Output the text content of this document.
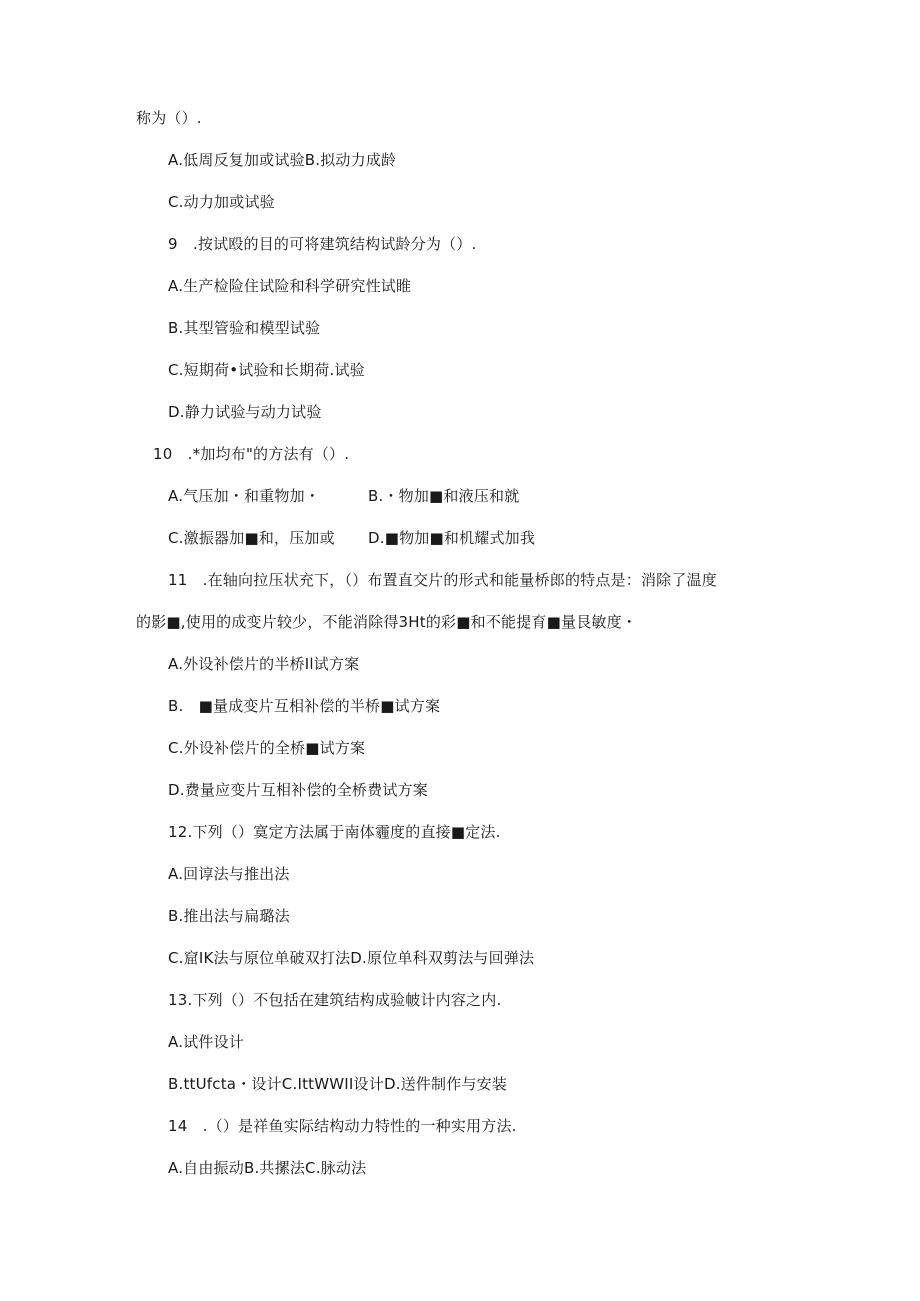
称为（）.
A.低周反复加或试验B.拟动力成龄
C.动力加或试验
9　.按试殴的目的可将建筑结构试龄分为（）.
A.生产检险住试险和科学研究性试睢
B.其型管验和模型试验
C.短期荷•试验和长期荷.试验
D.静力试验与动力试验
10　.*加均布"的方法有（）.
A.气压加・和重物加・	B.・物加■和液压和就
C.激振器加■和，压加或 D.■物加■和机耀式加我
11　.在轴向拉压状充下，（）布置直交片的形式和能量桥郎的特点是：消除了温度
的影■,使用的成变片较少，不能消除得3Ht的彩■和不能提育■量艮敏度・
A.外设补偿片的半桥Il试方案
B.　■量成变片互相补偿的半桥■试方案
C.外设补偿片的全桥■试方案
D.费量应变片互相补偿的全桥费试方案
12.下列（）寞定方法属于南体霾度的直接■定法.
A.回谆法与推出法
B.推出法与扁璐法
C.窟IK法与原位单破双打法D.原位单科双剪法与回弹法
13.下列（）不包括在建筑结构成验帔计内容之内.
A.试件设计
B.ttUfcta・设计C.IttWWII设计D.送件制作与安装
14　.（）是祥鱼实际结构动力特性的一种实用方法.
A.自由振动B.共摞法C.脉动法
